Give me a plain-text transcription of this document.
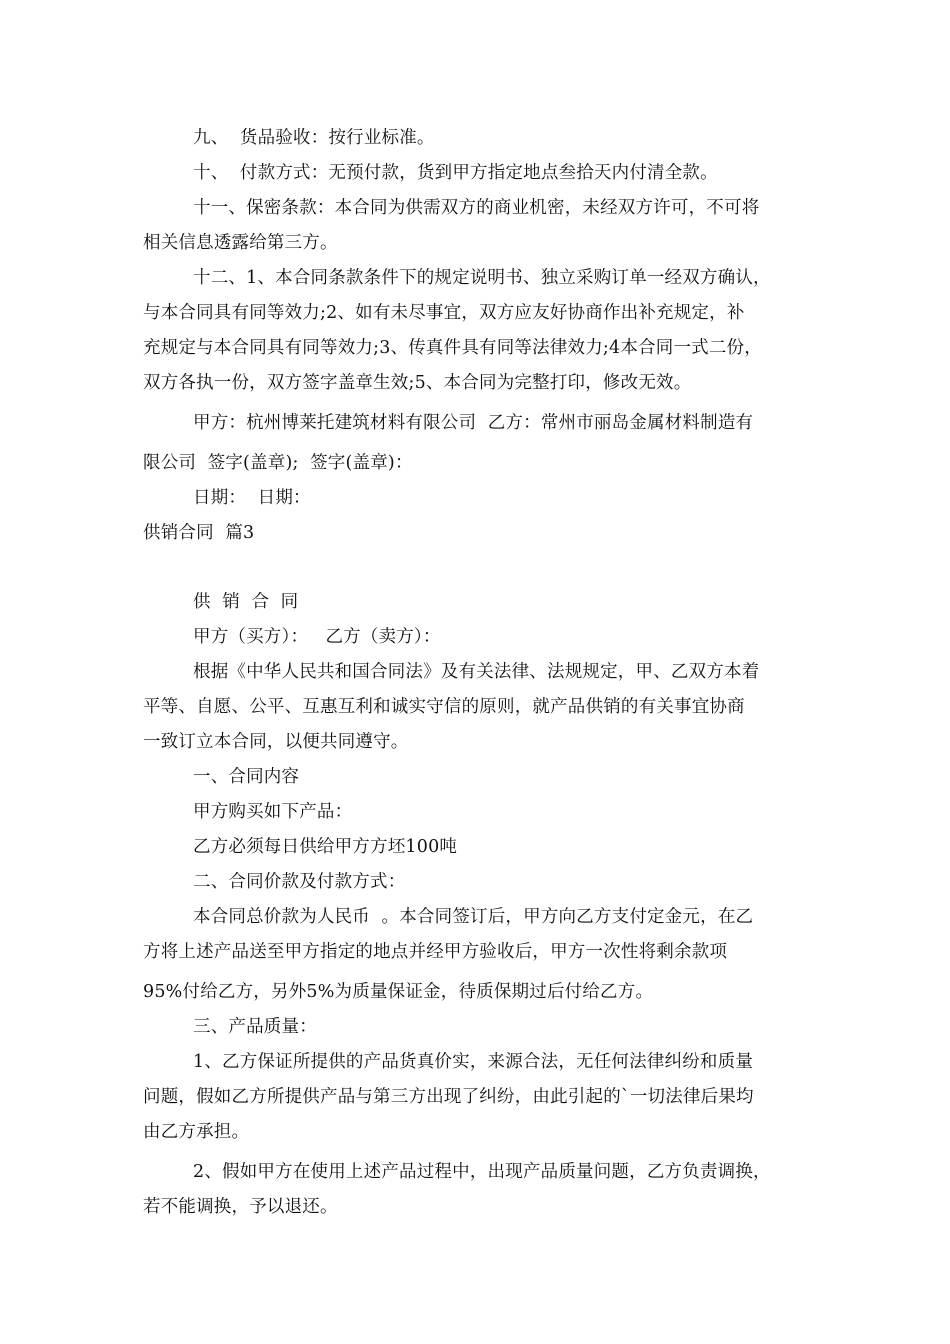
九、  货品验收：按行业标准。
十、  付款方式：无预付款，货到甲方指定地点叁拾天内付清全款。
十一、保密条款：本合同为供需双方的商业机密，未经双方许可，不可将
相关信息透露给第三方。
十二、1、本合同条款条件下的规定说明书、独立采购订单一经双方确认，
与本合同具有同等效力;2、如有未尽事宜，双方应友好协商作出补充规定，补
充规定与本合同具有同等效力;3、传真件具有同等法律效力;4本合同一式二份，
双方各执一份，双方签字盖章生效;5、本合同为完整打印，修改无效。
甲方：杭州博莱托建筑材料有限公司  乙方：常州市丽岛金属材料制造有
限公司  签字(盖章);  签字(盖章)：
日期：  日期：
供销合同  篇3
供  销  合  同
甲方（买方）：   乙方（卖方）：
根据《中华人民共和国合同法》及有关法律、法规规定，甲、乙双方本着
平等、自愿、公平、互惠互利和诚实守信的原则，就产品供销的有关事宜协商
一致订立本合同，以便共同遵守。
一、合同内容
甲方购买如下产品：
乙方必须每日供给甲方方坯100吨
二、合同价款及付款方式：
本合同总价款为人民币  。本合同签订后，甲方向乙方支付定金元，在乙
方将上述产品送至甲方指定的地点并经甲方验收后，甲方一次性将剩余款项
95%付给乙方，另外5%为质量保证金，待质保期过后付给乙方。
三、产品质量：
1、乙方保证所提供的产品货真价实，来源合法，无任何法律纠纷和质量
问题，假如乙方所提供产品与第三方出现了纠纷，由此引起的`一切法律后果均
由乙方承担。
2、假如甲方在使用上述产品过程中，出现产品质量问题，乙方负责调换，
若不能调换，予以退还。
